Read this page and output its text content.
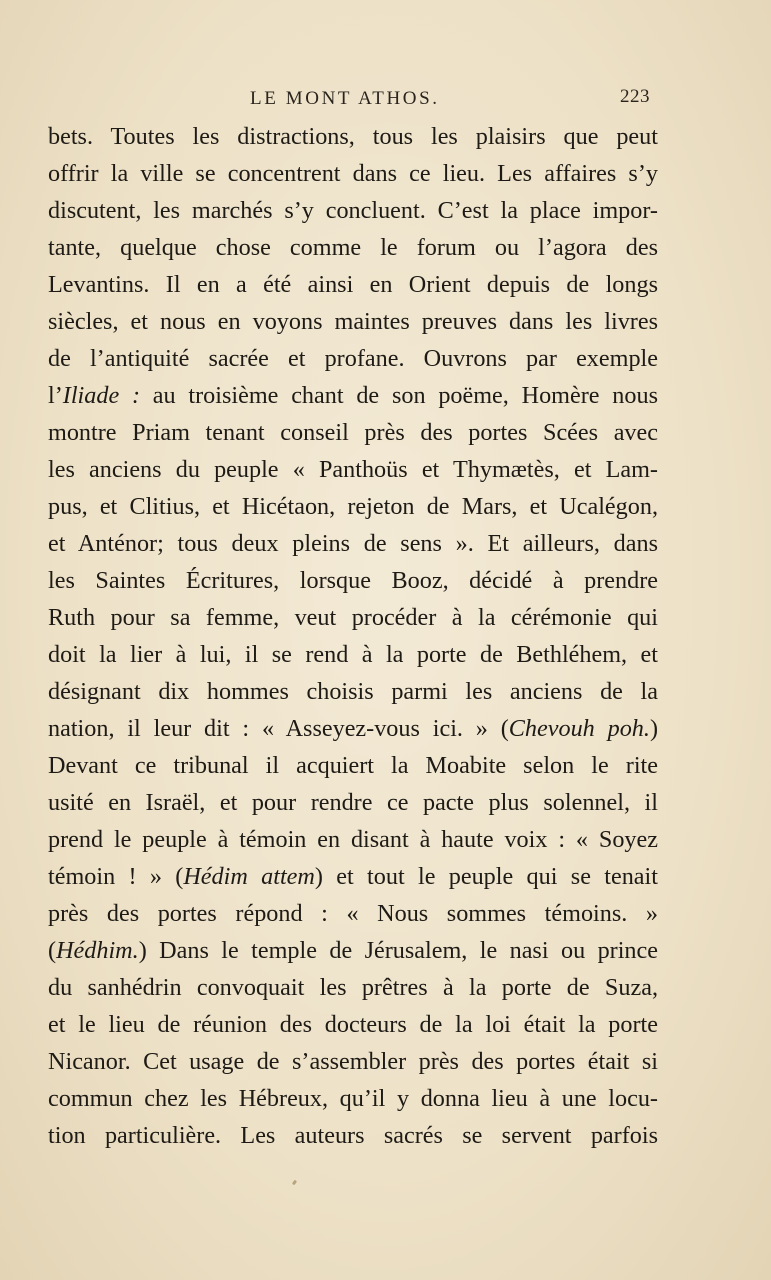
LE MONT ATHOS.	223
bets. Toutes les distractions, tous les plaisirs que peut
offrir la ville se concentrent dans ce lieu. Les affaires s’y
discutent, les marchés s’y concluent. C’est la place impor-
tante, quelque chose comme le forum ou l’agora des
Levantins. Il en a été ainsi en Orient depuis de longs
siècles, et nous en voyons maintes preuves dans les livres
de l’antiquité sacrée et profane. Ouvrons par exemple
l’Iliade : au troisième chant de son poëme, Homère nous
montre Priam tenant conseil près des portes Scées avec
les anciens du peuple « Panthoüs et Thymætès, et Lam-
pus, et Clitius, et Hicétaon, rejeton de Mars, et Ucalégon,
et Anténor; tous deux pleins de sens ». Et ailleurs, dans
les Saintes Écritures, lorsque Booz, décidé à prendre
Ruth pour sa femme, veut procéder à la cérémonie qui
doit la lier à lui, il se rend à la porte de Bethléhem, et
désignant dix hommes choisis parmi les anciens de la
nation, il leur dit : « Asseyez-vous ici. » (Chevouh poh.)
Devant ce tribunal il acquiert la Moabite selon le rite
usité en Israël, et pour rendre ce pacte plus solennel, il
prend le peuple à témoin en disant à haute voix : « Soyez
témoin ! » (Hédim attem) et tout le peuple qui se tenait
près des portes répond : « Nous sommes témoins. »
(Hédhim.) Dans le temple de Jérusalem, le nasi ou prince
du sanhédrin convoquait les prêtres à la porte de Suza,
et le lieu de réunion des docteurs de la loi était la porte
Nicanor. Cet usage de s’assembler près des portes était si
commun chez les Hébreux, qu’il y donna lieu à une locu-
tion particulière. Les auteurs sacrés se servent parfois
